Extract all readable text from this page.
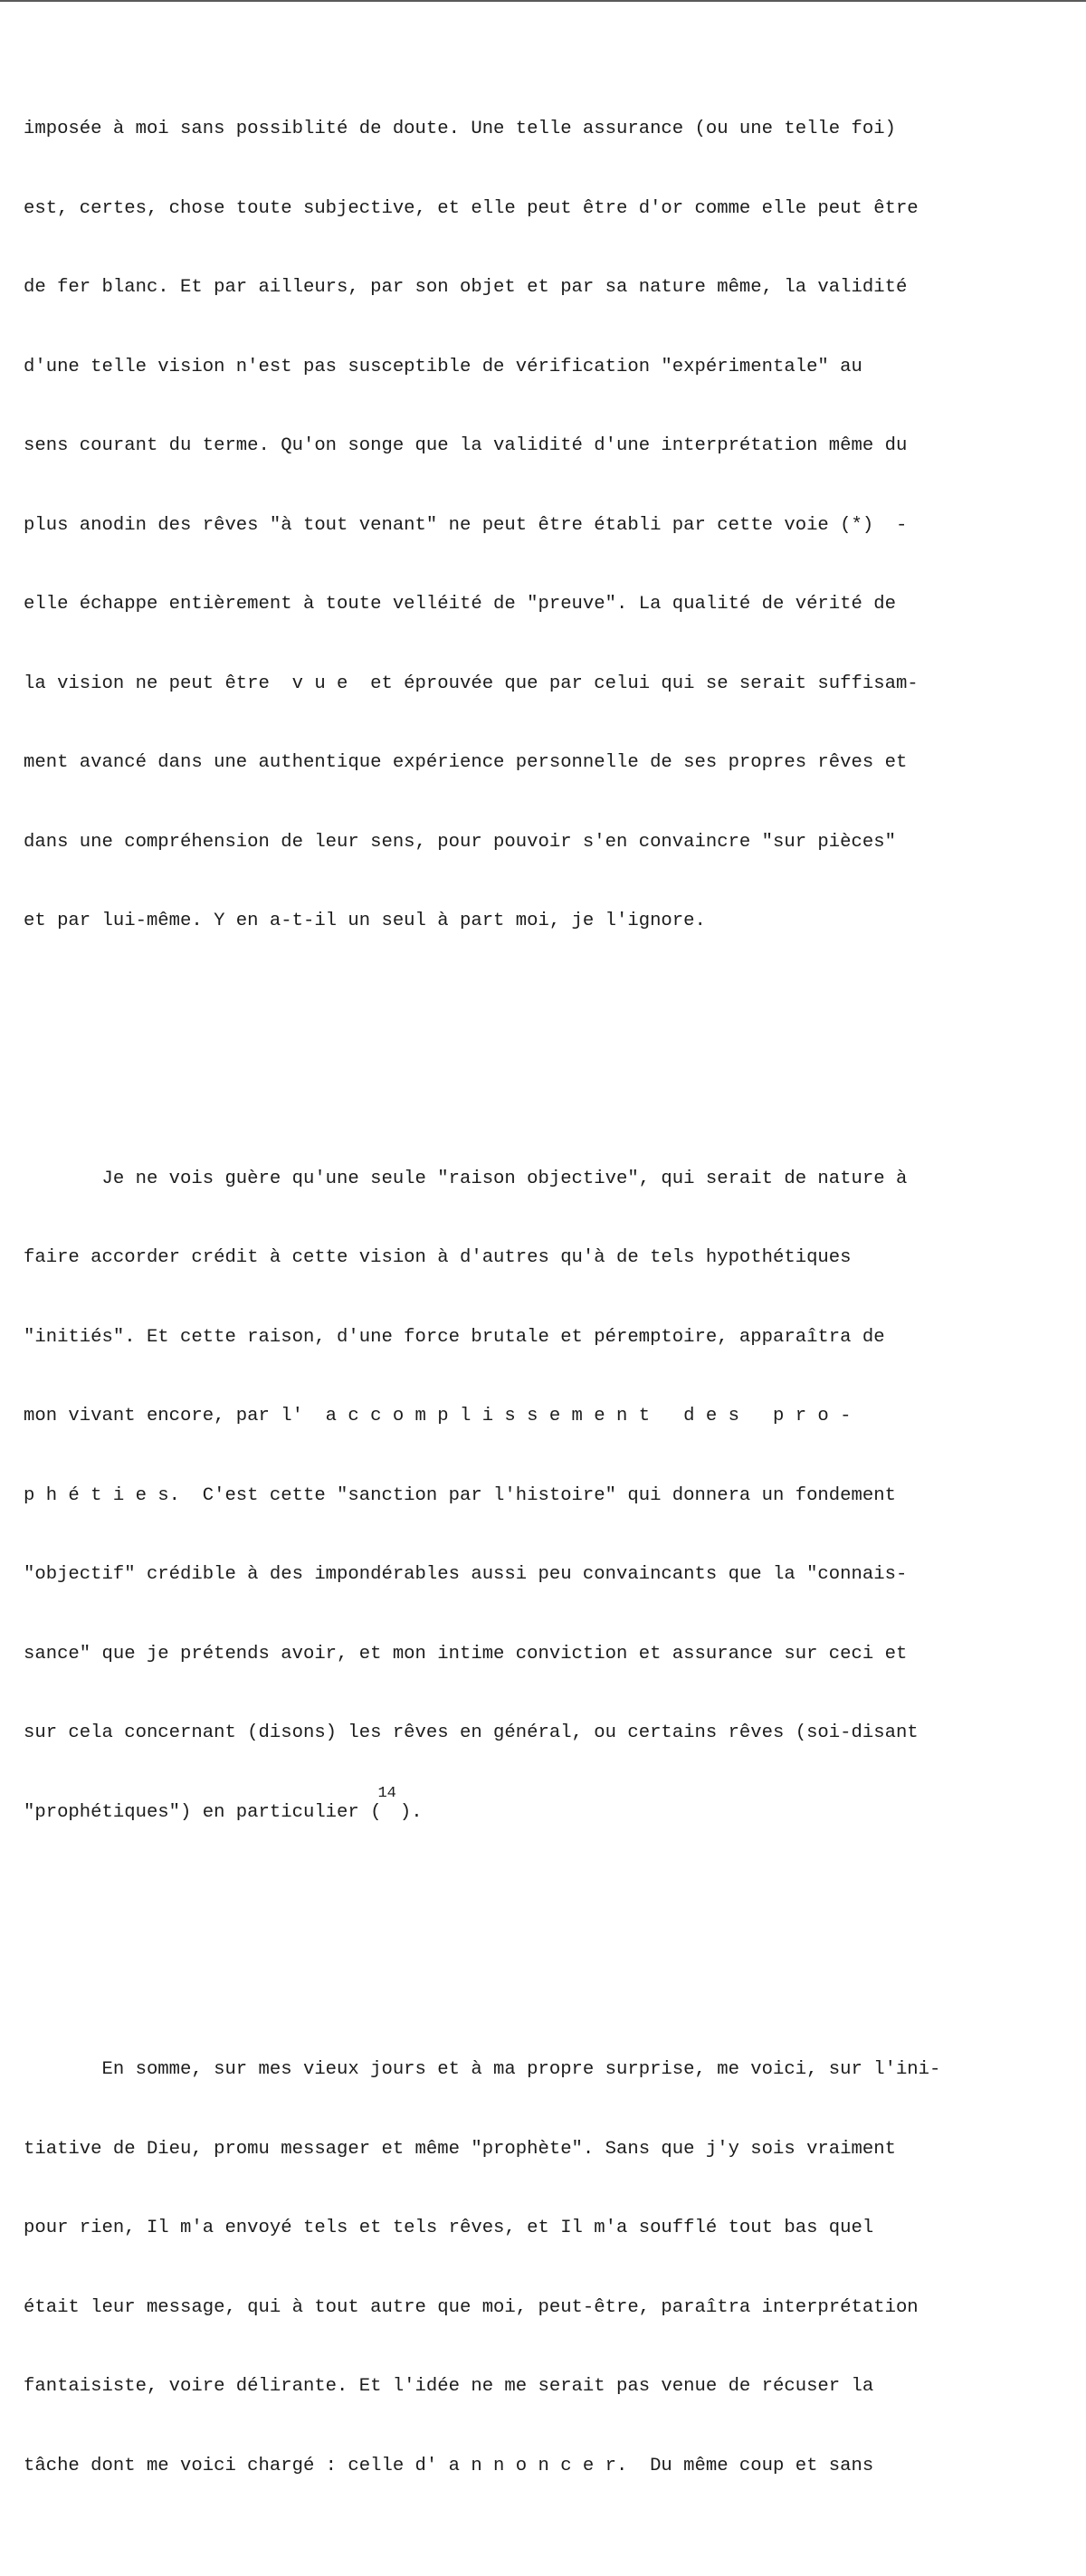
imposée à moi sans possiblité de doute. Une telle assurance (ou une telle foi)

est, certes, chose toute subjective, et elle peut être d'or comme elle peut être

de fer blanc. Et par ailleurs, par son objet et par sa nature même, la validité

d'une telle vision n'est pas susceptible de vérification "expérimentale" au

sens courant du terme. Qu'on songe que la validité d'une interprétation même du

plus anodin des rêves "à tout venant" ne peut être établi par cette voie (*)  -

elle échappe entièrement à toute velléité de "preuve". La qualité de vérité de

la vision ne peut être  v u e  et éprouvée que par celui qui se serait suffisam-

ment avancé dans une authentique expérience personnelle de ses propres rêves et

dans une compréhension de leur sens, pour pouvoir s'en convaincre "sur pièces"

et par lui-même. Y en a-t-il un seul à part moi, je l'ignore.

Je ne vois guère qu'une seule "raison objective", qui serait de nature à

faire accorder crédit à cette vision à d'autres qu'à de tels hypothétiques

"initiés". Et cette raison, d'une force brutale et péremptoire, apparaîtra de

mon vivant encore, par l'  a c c o m p l i s s e m e n t   d e s   p r o -

p h é t i e s.  C'est cette "sanction par l'histoire" qui donnera un fondement

"objectif" crédible à des impondérables aussi peu convaincants que la "connais-

sance" que je prétends avoir, et mon intime conviction et assurance sur ceci et

sur cela concernant (disons) les rêves en général, ou certains rêves (soi-disant

"prophétiques") en particulier ($^{14}$).

En somme, sur mes vieux jours et à ma propre surprise, me voici, sur l'ini-

tiative de Dieu, promu messager et même "prophète". Sans que j'y sois vraiment

pour rien, Il m'a envoyé tels et tels rêves, et Il m'a soufflé tout bas quel

était leur message, qui à tout autre que moi, peut-être, paraîtra interprétation

fantaisiste, voire délirante. Et l'idée ne me serait pas venue de récuser la

tâche dont me voici chargé : celle d' a n n o n c e r.  Du même coup et sans
